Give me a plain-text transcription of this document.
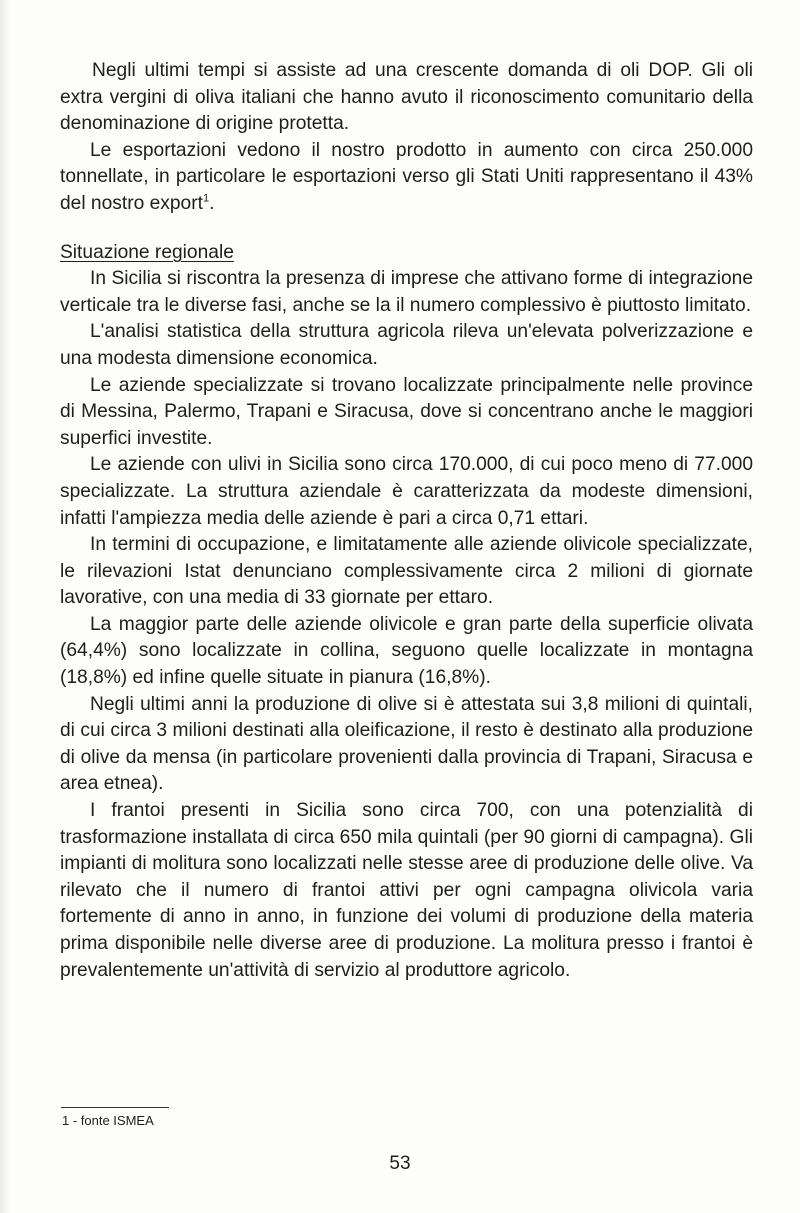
Negli ultimi tempi si assiste ad una crescente domanda di oli DOP. Gli oli extra vergini di oliva italiani che hanno avuto il riconoscimento comunitario della denominazione di origine protetta.

Le esportazioni vedono il nostro prodotto in aumento con circa 250.000 tonnellate, in particolare le esportazioni verso gli Stati Uniti rappresentano il 43% del nostro export$^1$.

Situazione regionale

In Sicilia si riscontra la presenza di imprese che attivano forme di integrazione verticale tra le diverse fasi, anche se la il numero complessivo è piuttosto limitato.

L'analisi statistica della struttura agricola rileva un'elevata polverizzazione e una modesta dimensione economica.

Le aziende specializzate si trovano localizzate principalmente nelle province di Messina, Palermo, Trapani e Siracusa, dove si concentrano anche le maggiori superfici investite.

Le aziende con ulivi in Sicilia sono circa 170.000, di cui poco meno di 77.000 specializzate. La struttura aziendale è caratterizzata da modeste dimensioni, infatti l'ampiezza media delle aziende è pari a circa 0,71 ettari.

In termini di occupazione, e limitatamente alle aziende olivicole specializzate, le rilevazioni Istat denunciano complessivamente circa 2 milioni di giornate lavorative, con una media di 33 giornate per ettaro.

La maggior parte delle aziende olivicole e gran parte della superficie olivata (64,4%) sono localizzate in collina, seguono quelle localizzate in montagna (18,8%) ed infine quelle situate in pianura (16,8%).

Negli ultimi anni la produzione di olive si è attestata sui 3,8 milioni di quintali, di cui circa 3 milioni destinati alla oleificazione, il resto è destinato alla produzione di olive da mensa (in particolare provenienti dalla provincia di Trapani, Siracusa e area etnea).

I frantoi presenti in Sicilia sono circa 700, con una potenzialità di trasformazione installata di circa 650 mila quintali (per 90 giorni di campagna). Gli impianti di molitura sono localizzati nelle stesse aree di produzione delle olive. Va rilevato che il numero di frantoi attivi per ogni campagna olivicola varia fortemente di anno in anno, in funzione dei volumi di produzione della materia prima disponibile nelle diverse aree di produzione. La molitura presso i frantoi è prevalentemente un'attività di servizio al produttore agricolo.

1 - fonte ISMEA
53
